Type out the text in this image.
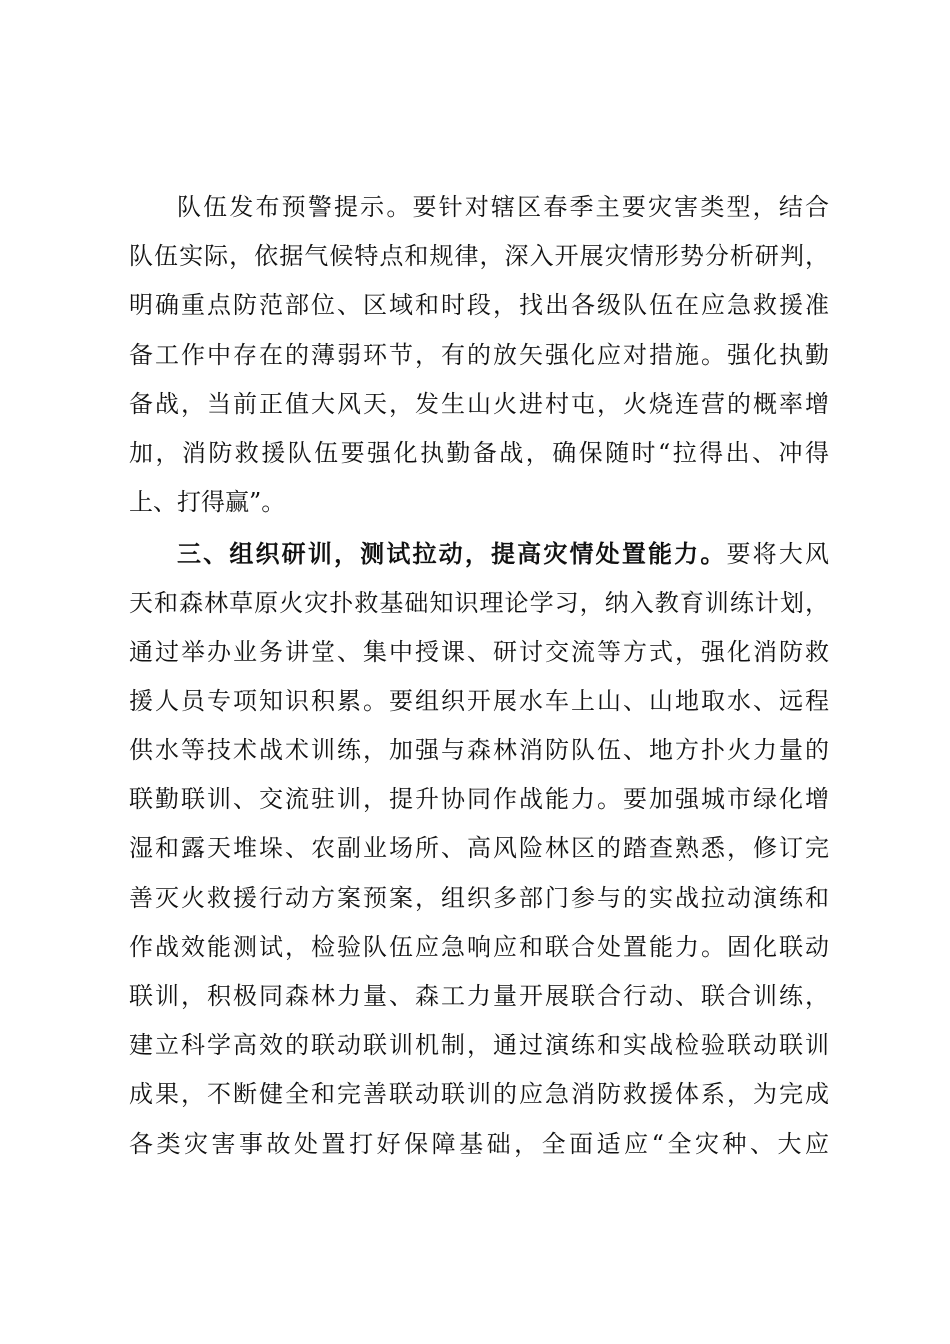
队伍发布预警提示。要针对辖区春季主要灾害类型，结合
队伍实际，依据气候特点和规律，深入开展灾情形势分析研判，
明确重点防范部位、区域和时段，找出各级队伍在应急救援准
备工作中存在的薄弱环节，有的放矢强化应对措施。强化执勤
备战，当前正值大风天，发生山火进村屯，火烧连营的概率增
加，消防救援队伍要强化执勤备战，确保随时“拉得出、冲得
上、打得赢”。
三、组织研训，测试拉动，提高灾情处置能力。要将大风
天和森林草原火灾扑救基础知识理论学习，纳入教育训练计划，
通过举办业务讲堂、集中授课、研讨交流等方式，强化消防救
援人员专项知识积累。要组织开展水车上山、山地取水、远程
供水等技术战术训练，加强与森林消防队伍、地方扑火力量的
联勤联训、交流驻训，提升协同作战能力。要加强城市绿化增
湿和露天堆垛、农副业场所、高风险林区的踏查熟悉，修订完
善灭火救援行动方案预案，组织多部门参与的实战拉动演练和
作战效能测试，检验队伍应急响应和联合处置能力。固化联动
联训，积极同森林力量、森工力量开展联合行动、联合训练，
建立科学高效的联动联训机制，通过演练和实战检验联动联训
成果，不断健全和完善联动联训的应急消防救援体系，为完成
各类灾害事故处置打好保障基础，全面适应“全灾种、大应
